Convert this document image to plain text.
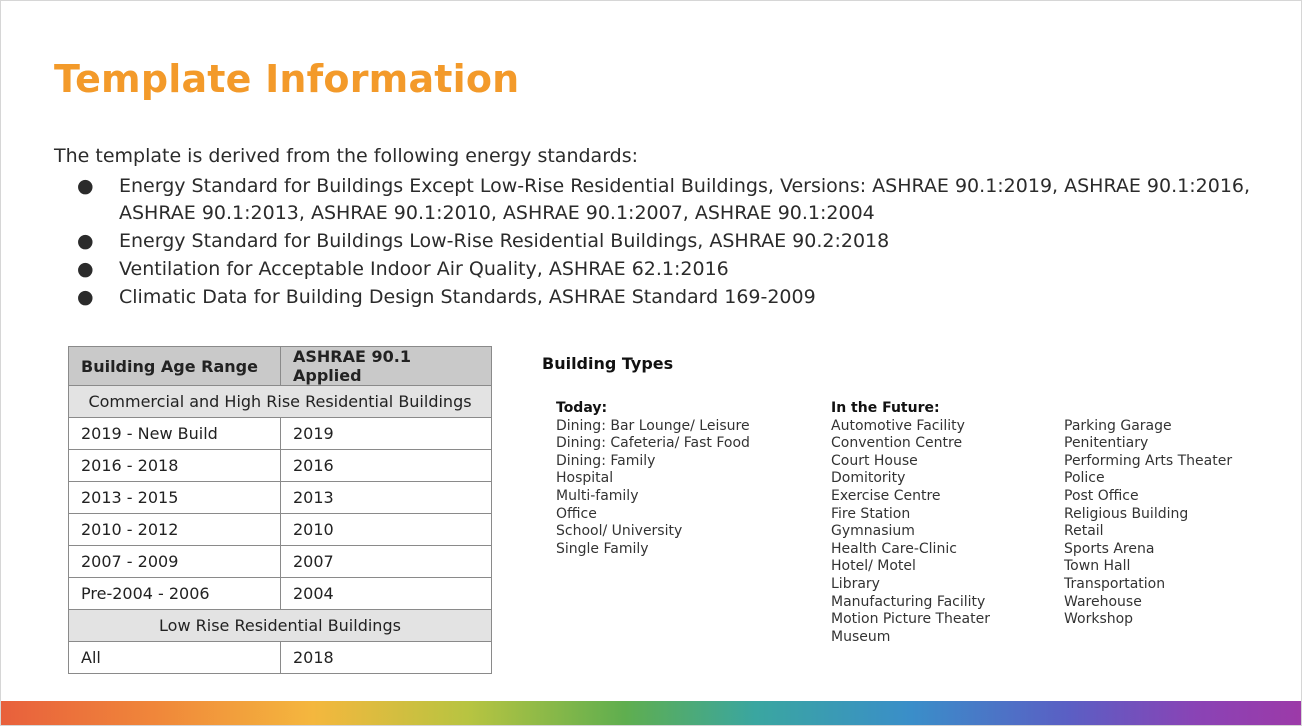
Template Information
The template is derived from the following energy standards:
● Energy Standard for Buildings Except Low-Rise Residential Buildings, Versions: ASHRAE 90.1:2019, ASHRAE 90.1:2016, ASHRAE 90.1:2013, ASHRAE 90.1:2010, ASHRAE 90.1:2007, ASHRAE 90.1:2004
● Energy Standard for Buildings Low-Rise Residential Buildings, ASHRAE 90.2:2018
● Ventilation for Acceptable Indoor Air Quality, ASHRAE 62.1:2016
● Climatic Data for Building Design Standards, ASHRAE Standard 169-2009
Building Age Range	ASHRAE 90.1 Applied
Commercial and High Rise Residential Buildings	
2019 - New Build	2019
2016 - 2018	2016
2013 - 2015	2013
2010 - 2012	2010
2007 - 2009	2007
Pre-2004 - 2006	2004
Low Rise Residential Buildings	
All	2018
Building Types
Today:
Dining: Bar Lounge/ Leisure
Dining: Cafeteria/ Fast Food
Dining: Family
Hospital
Multi-family
Office
School/ University
Single Family
In the Future:
Automotive Facility
Convention Centre
Court House
Domitority
Exercise Centre
Fire Station
Gymnasium
Health Care-Clinic
Hotel/ Motel
Library
Manufacturing Facility
Motion Picture Theater
Museum
Parking Garage
Penitentiary
Performing Arts Theater
Police
Post Office
Religious Building
Retail
Sports Arena
Town Hall
Transportation
Warehouse
Workshop
